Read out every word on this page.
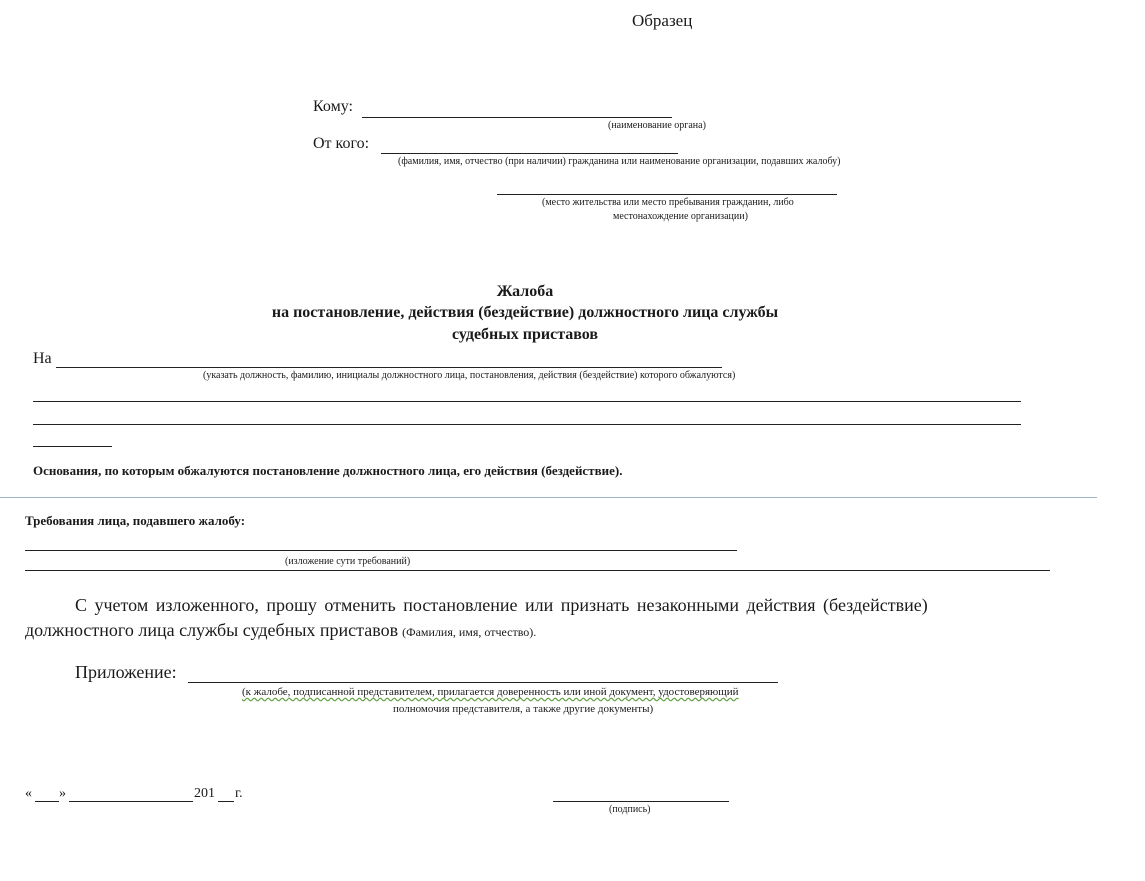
Образец
Кому:
(наименование органа)
От кого:
(фамилия, имя, отчество (при наличии) гражданина или наименование организации, подавших жалобу)
(место жительства или место пребывания гражданин, либо
местонахождение организации)
Жалоба
на постановление, действия (бездействие) должностного лица службы
судебных приставов
На
(указать должность, фамилию, инициалы должностного лица, постановления, действия (бездействие) которого обжалуются)
Основания, по которым обжалуются постановление должностного лица, его действия (бездействие).
Требования лица, подавшего жалобу:
(изложение сути требований)
С учетом изложенного, прошу отменить постановление или признать незаконными действия (бездействие)
должностного лица службы судебных приставов (Фамилия, имя, отчество).
Приложение:
(к жалобе, подписанной представителем, прилагается доверенность или иной документ, удостоверяющий
полномочия представителя, а также другие документы)
« »	201 г.
(подпись)
